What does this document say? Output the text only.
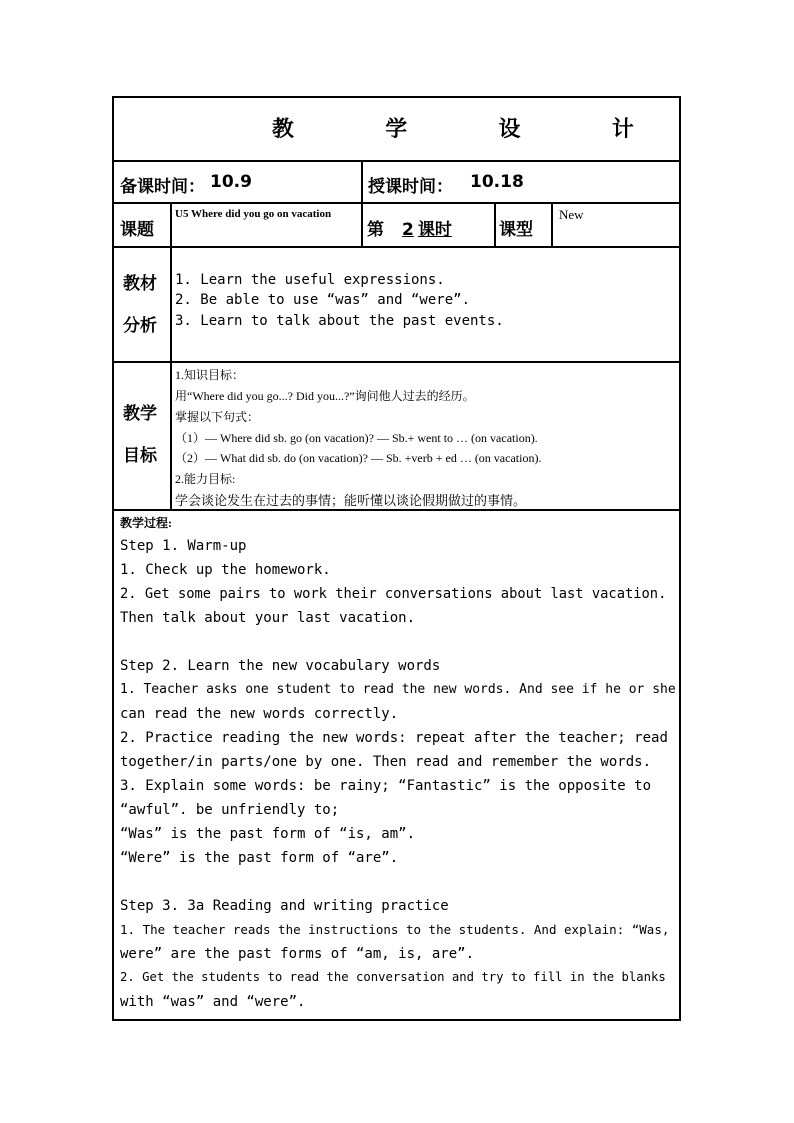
教 学 设 计
备课时间： 10.9	授课时间： 10.18
课题
U5 Where did you go on vacation
第 2 课时	课型
New
教材
分析
1. Learn the useful expressions.
2. Be able to use “was” and “were”.
3. Learn to talk about the past events.
教学
目标
1.知识目标：
用“Where did you go...? Did you...?”询问他人过去的经历。
掌握以下句式：
（1）— Where did sb. go (on vacation)? — Sb.+ went to … (on vacation).
（2）— What did sb. do (on vacation)? — Sb. +verb + ed … (on vacation).
2.能力目标:
学会谈论发生在过去的事情；能听懂以谈论假期做过的事情。
教学过程:
Step 1. Warm-up
1. Check up the homework.
2. Get some pairs to work their conversations about last vacation.
Then talk about your last vacation.
Step 2. Learn the new vocabulary words
1. Teacher asks one student to read the new words. And see if he or she
can read the new words correctly.
2. Practice reading the new words: repeat after the teacher; read
together/in parts/one by one. Then read and remember the words.
3. Explain some words: be rainy; “Fantastic” is the opposite to
“awful”. be unfriendly to;
“Was” is the past form of “is, am”.
“Were” is the past form of “are”.
Step 3. 3a Reading and writing practice
1. The teacher reads the instructions to the students. And explain: “Was,
were” are the past forms of “am, is, are”.
2. Get the students to read the conversation and try to fill in the blanks
with “was” and “were”.
